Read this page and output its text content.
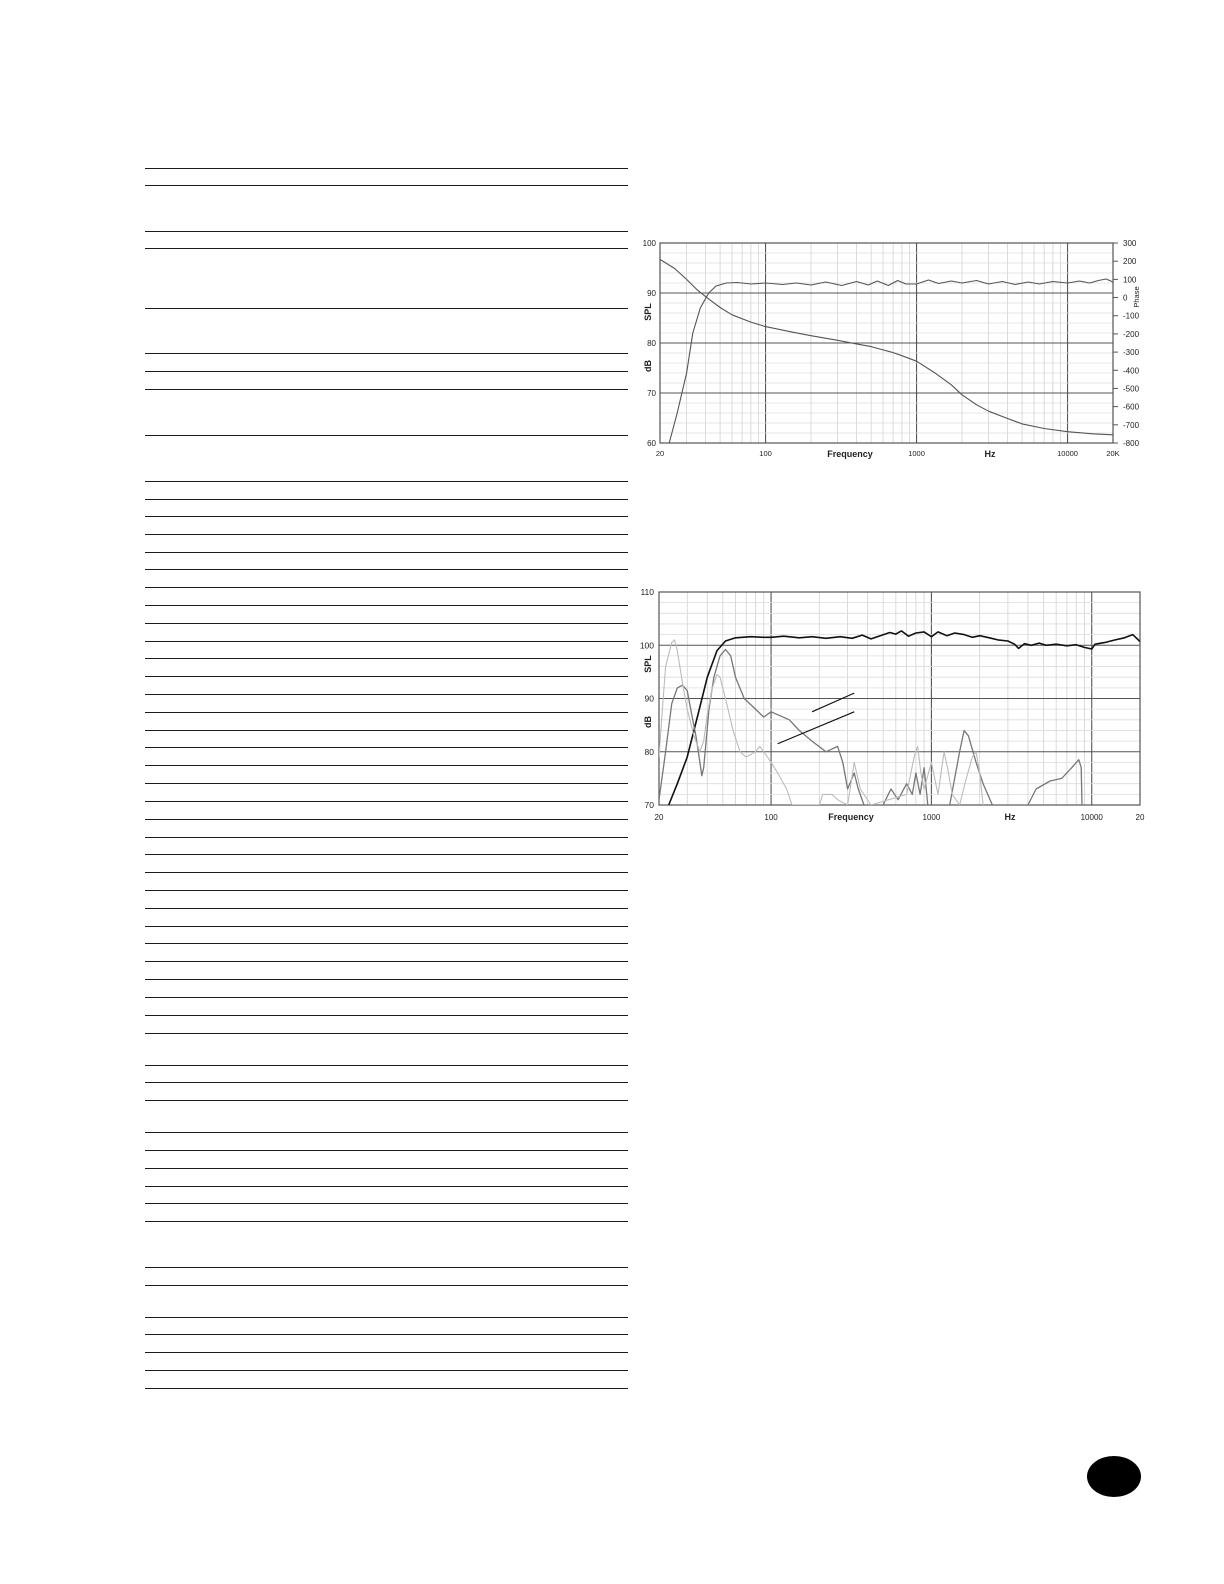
100
90
80
70
60
300
200
100
0
-100
-200
-300
-400
-500
-600
-700
-800
Phase
20	100	1000	10000	20K
Frequency	Hz
SPL
dB
110
100
90
80
70
20	100	1000	10000	20
Frequency	Hz
SPL
dB
